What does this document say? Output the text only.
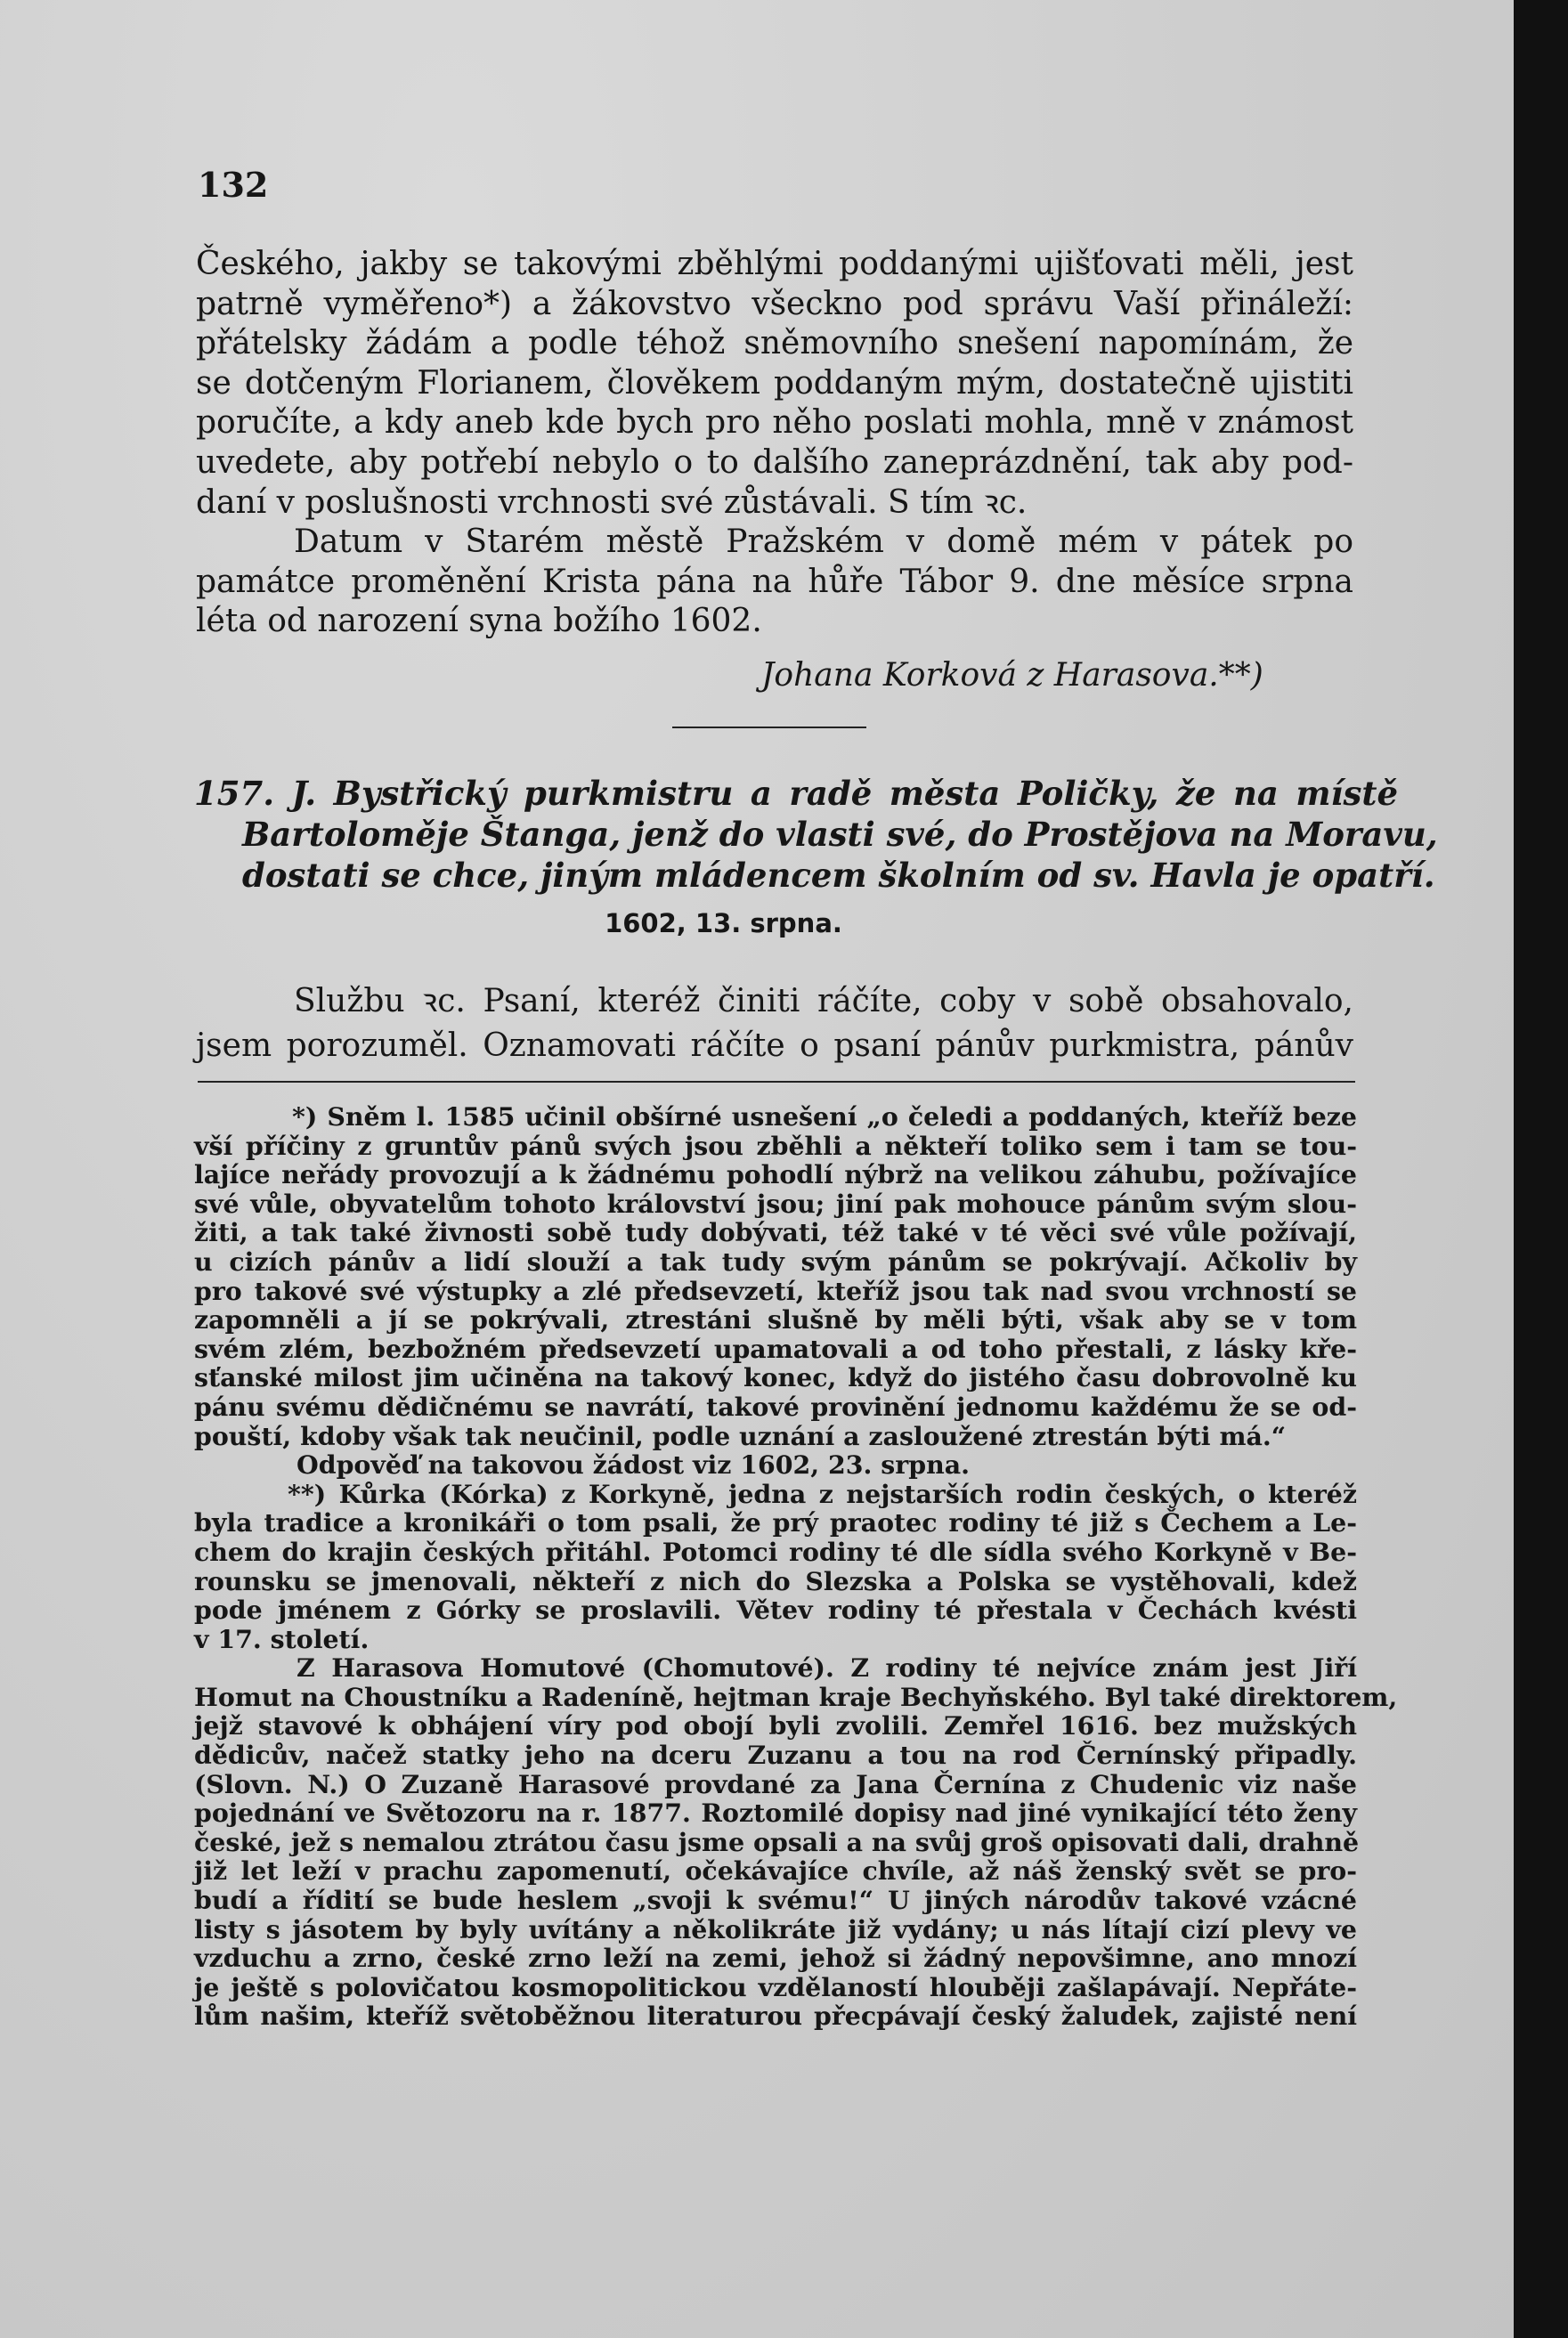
132
Českého, jakby se takovými zběhlými poddanými ujišťovati měli, jest
patrně vyměřeno*) a žákovstvo všeckno pod správu Vaší přináleží:
přátelsky žádám a podle téhož sněmovního snešení napomínám, že
se dotčeným Florianem, člověkem poddaným mým, dostatečně ujistiti
poručíte, a kdy aneb kde bych pro něho poslati mohla, mně v známost
uvedete, aby potřebí nebylo o to dalšího zaneprázdnění, tak aby pod-
daní v poslušnosti vrchnosti své zůstávali. S tím ꝛc.
Datum v Starém městě Pražském v domě mém v pátek po
památce proměnění Krista pána na hůře Tábor 9. dne měsíce srpna
léta od narození syna božího 1602.
Johana Korková z Harasova.**)
157. J. Bystřický purkmistru a radě města Poličky, že na místě
Bartoloměje Štanga, jenž do vlasti své, do Prostějova na Moravu,
dostati se chce, jiným mládencem školním od sv. Havla je opatří.
1602, 13. srpna.
Službu ꝛc. Psaní, kteréž činiti ráčíte, coby v sobě obsahovalo,
jsem porozuměl. Oznamovati ráčíte o psaní pánův purkmistra, pánův
*) Sněm l. 1585 učinil obšírné usnešení „o čeledi a poddaných, kteříž beze
vší příčiny z gruntův pánů svých jsou zběhli a někteří toliko sem i tam se tou-
lajíce neřády provozují a k žádnému pohodlí nýbrž na velikou záhubu, požívajíce
své vůle, obyvatelům tohoto království jsou; jiní pak mohouce pánům svým slou-
žiti, a tak také živnosti sobě tudy dobývati, též také v té věci své vůle požívají,
u cizích pánův a lidí slouží a tak tudy svým pánům se pokrývají. Ačkoliv by
pro takové své výstupky a zlé předsevzetí, kteříž jsou tak nad svou vrchností se
zapomněli a jí se pokrývali, ztrestáni slušně by měli býti, však aby se v tom
svém zlém, bezbožném předsevzetí upamatovali a od toho přestali, z lásky kře-
sťanské milost jim učiněna na takový konec, když do jistého času dobrovolně ku
pánu svému dědičnému se navrátí, takové provinění jednomu každému že se od-
pouští, kdoby však tak neučinil, podle uznání a zasloužené ztrestán býti má.“
Odpověď na takovou žádost viz 1602, 23. srpna.
**) Kůrka (Kórka) z Korkyně, jedna z nejstarších rodin českých, o kteréž
byla tradice a kronikáři o tom psali, že prý praotec rodiny té již s Čechem a Le-
chem do krajin českých přitáhl. Potomci rodiny té dle sídla svého Korkyně v Be-
rounsku se jmenovali, někteří z nich do Slezska a Polska se vystěhovali, kdež
pode jménem z Górky se proslavili. Větev rodiny té přestala v Čechách kvésti
v 17. století.
Z Harasova Homutové (Chomutové). Z rodiny té nejvíce znám jest Jiří
Homut na Choustníku a Radeníně, hejtman kraje Bechyňského. Byl také direktorem,
jejž stavové k obhájení víry pod obojí byli zvolili. Zemřel 1616. bez mužských
dědicův, načež statky jeho na dceru Zuzanu a tou na rod Černínský připadly.
(Slovn. N.) O Zuzaně Harasové provdané za Jana Černína z Chudenic viz naše
pojednání ve Světozoru na r. 1877. Roztomilé dopisy nad jiné vynikající této ženy
české, jež s nemalou ztrátou času jsme opsali a na svůj groš opisovati dali, drahně
již let leží v prachu zapomenutí, očekávajíce chvíle, až náš ženský svět se pro-
budí a řídití se bude heslem „svoji k svému!“ U jiných národův takové vzácné
listy s jásotem by byly uvítány a několikráte již vydány; u nás lítají cizí plevy ve
vzduchu a zrno, české zrno leží na zemi, jehož si žádný nepovšimne, ano mnozí
je ještě s polovičatou kosmopolitickou vzdělaností hlouběji zašlapávají. Nepřáte-
lům našim, kteříž světoběžnou literaturou přecpávají český žaludek, zajisté není
